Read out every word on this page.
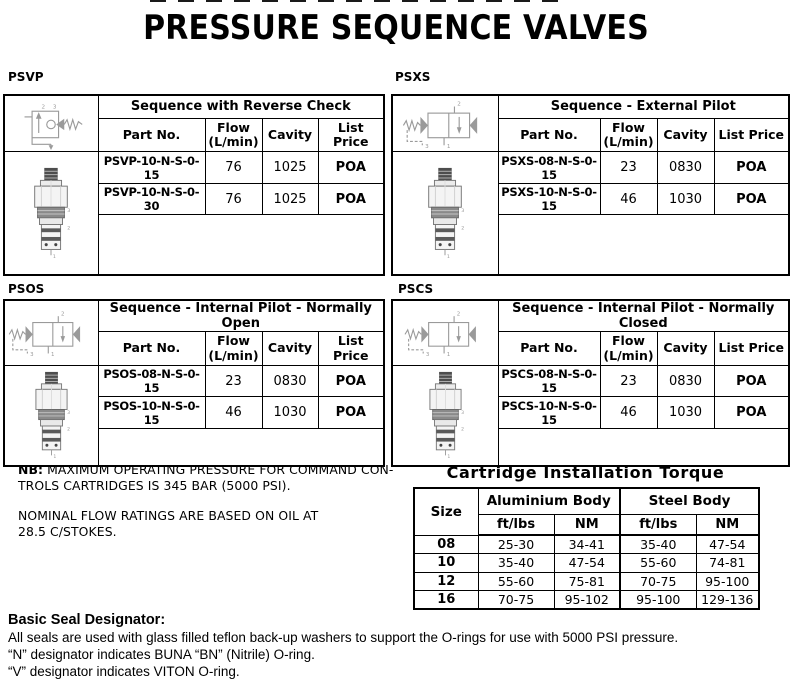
PRESSURE SEQUENCE VALVES
PSVP
	Sequence with Reverse Check			
	Part No.	Flow (L/min)	Cavity	List Price

	PSVP-10-N-S-0-15	76	1025	POA
	PSVP-10-N-S-0-30	76	1025	POA

PSXS
	Sequence - External Pilot			
	Part No.	Flow (L/min)	Cavity	List Price

	PSXS-08-N-S-0-15	23	0830	POA
	PSXS-10-N-S-0-15	46	1030	POA

PSOS
	Sequence - Internal Pilot - Normally Open			
	Part No.	Flow (L/min)	Cavity	List Price

	PSOS-08-N-S-0-15	23	0830	POA
	PSOS-10-N-S-0-15	46	1030	POA

PSCS
	Sequence - Internal Pilot - Normally Closed			
	Part No.	Flow (L/min)	Cavity	List Price

	PSCS-08-N-S-0-15	23	0830	POA
	PSCS-10-N-S-0-15	46	1030	POA

NB: MAXIMUM OPERATING PRESSURE FOR COMMAND CON-
TROLS CARTRIDGES IS 345 BAR (5000 PSI).
NOMINAL FLOW RATINGS ARE BASED ON OIL AT
28.5 C/STOKES.
Cartridge Installation Torque
Size	Aluminium Body		Steel Body	
	ft/lbs	NM	ft/lbs	NM
08	25-30	34-41	35-40	47-54
10	35-40	47-54	55-60	74-81
12	55-60	75-81	70-75	95-100
16	70-75	95-102	95-100	129-136
Basic Seal Designator:
All seals are used with glass filled teflon back-up washers to support the O-rings for use with 5000 PSI pressure.
“N” designator indicates BUNA “BN” (Nitrile) O-ring.
“V” designator indicates VITON O-ring.
